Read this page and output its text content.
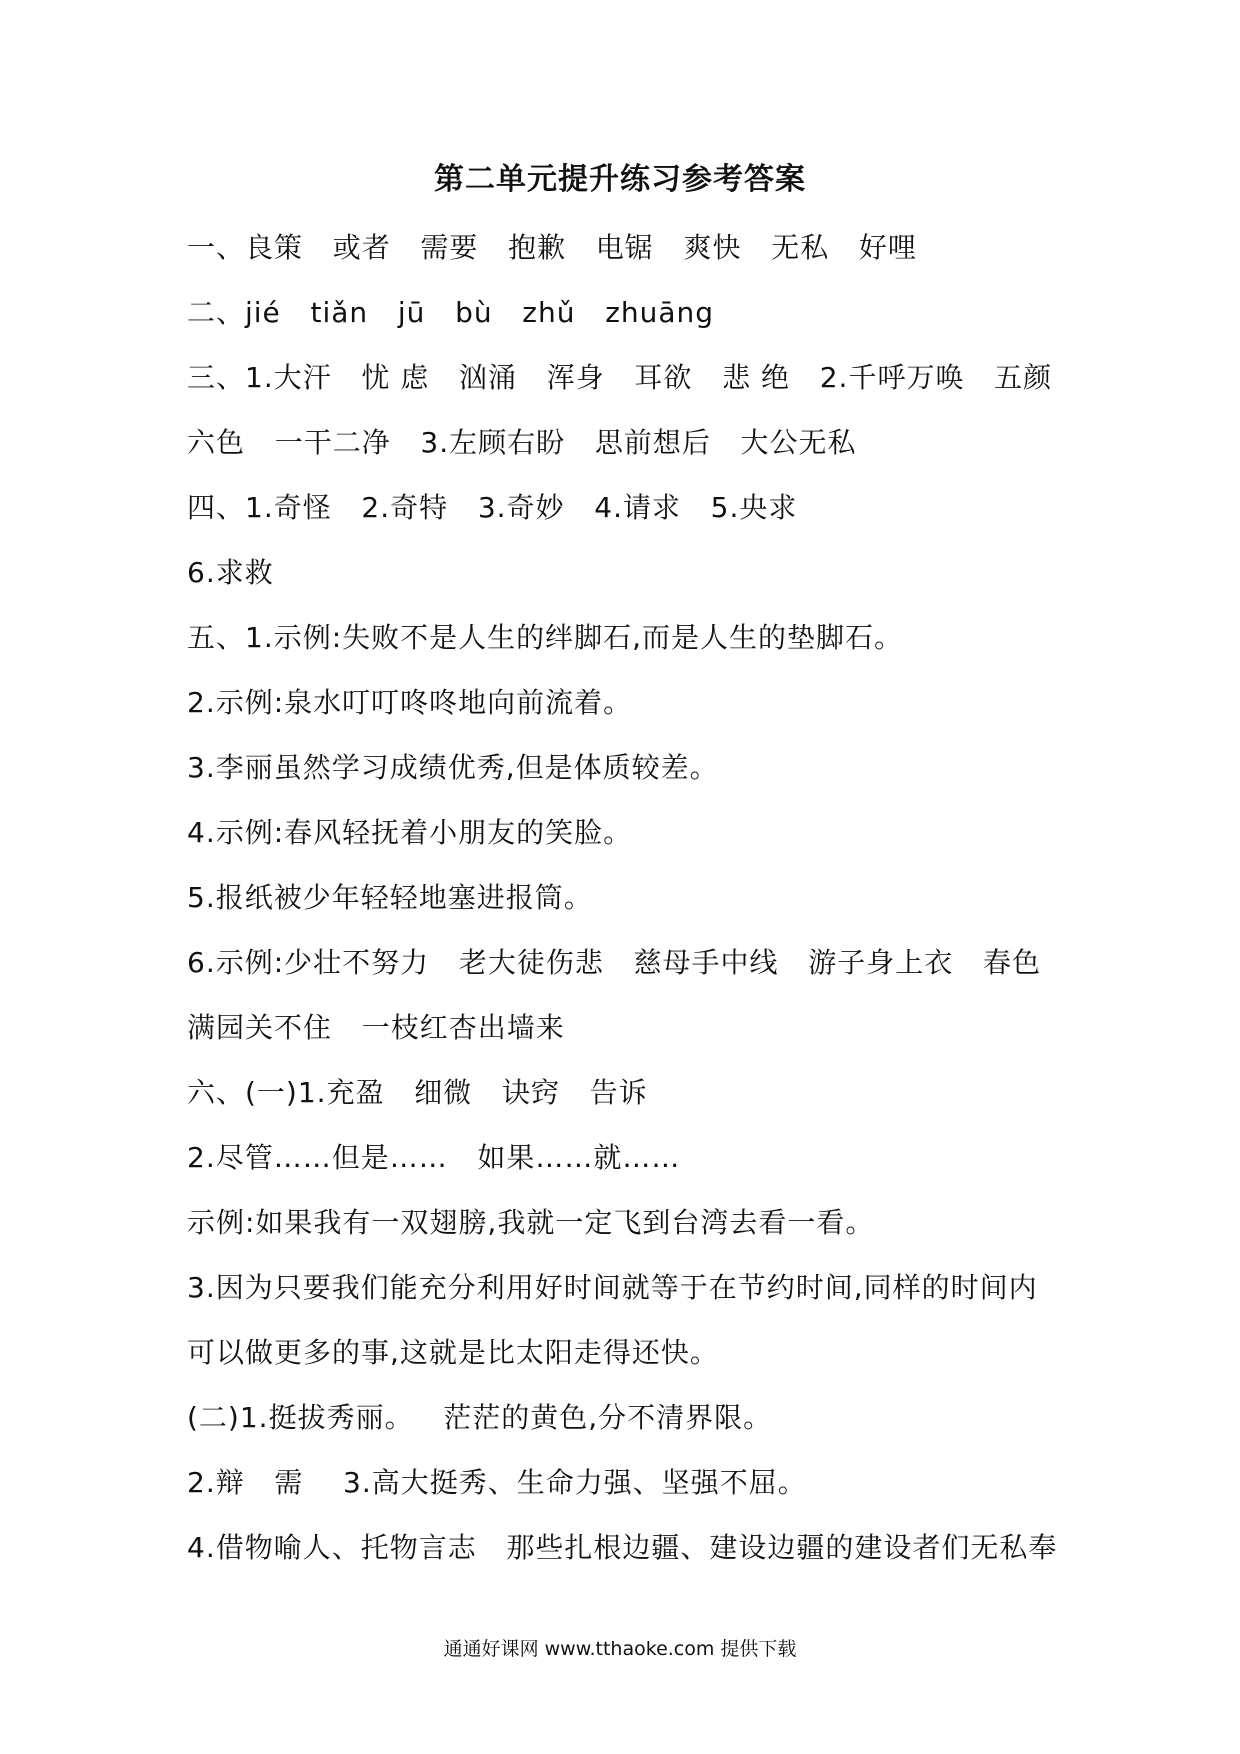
第二单元提升练习参考答案
一、良策   或者   需要   抱歉   电锯   爽快   无私   好哩
二、jié   tiǎn   jū   bù   zhǔ   zhuāng
三、1.大汗   忧 虑   汹涌   浑身   耳欲   悲 绝   2.千呼万唤   五颜
六色   一干二净   3.左顾右盼   思前想后   大公无私
四、1.奇怪   2.奇特   3.奇妙   4.请求   5.央求
6.求救
五、1.示例:失败不是人生的绊脚石,而是人生的垫脚石。
2.示例:泉水叮叮咚咚地向前流着。
3.李丽虽然学习成绩优秀,但是体质较差。
4.示例:春风轻抚着小朋友的笑脸。
5.报纸被少年轻轻地塞进报筒。
6.示例:少壮不努力   老大徒伤悲   慈母手中线   游子身上衣   春色
满园关不住   一枝红杏出墙来
六、(一)1.充盈   细微   诀窍   告诉
2.尽管……但是……   如果……就……
示例:如果我有一双翅膀,我就一定飞到台湾去看一看。
3.因为只要我们能充分利用好时间就等于在节约时间,同样的时间内
可以做更多的事,这就是比太阳走得还快。
(二)1.挺拔秀丽。   茫茫的黄色,分不清界限。
2.辩   需    3.高大挺秀、生命力强、坚强不屈。
4.借物喻人、托物言志   那些扎根边疆、建设边疆的建设者们无私奉
通通好课网 www.tthaoke.com 提供下载
